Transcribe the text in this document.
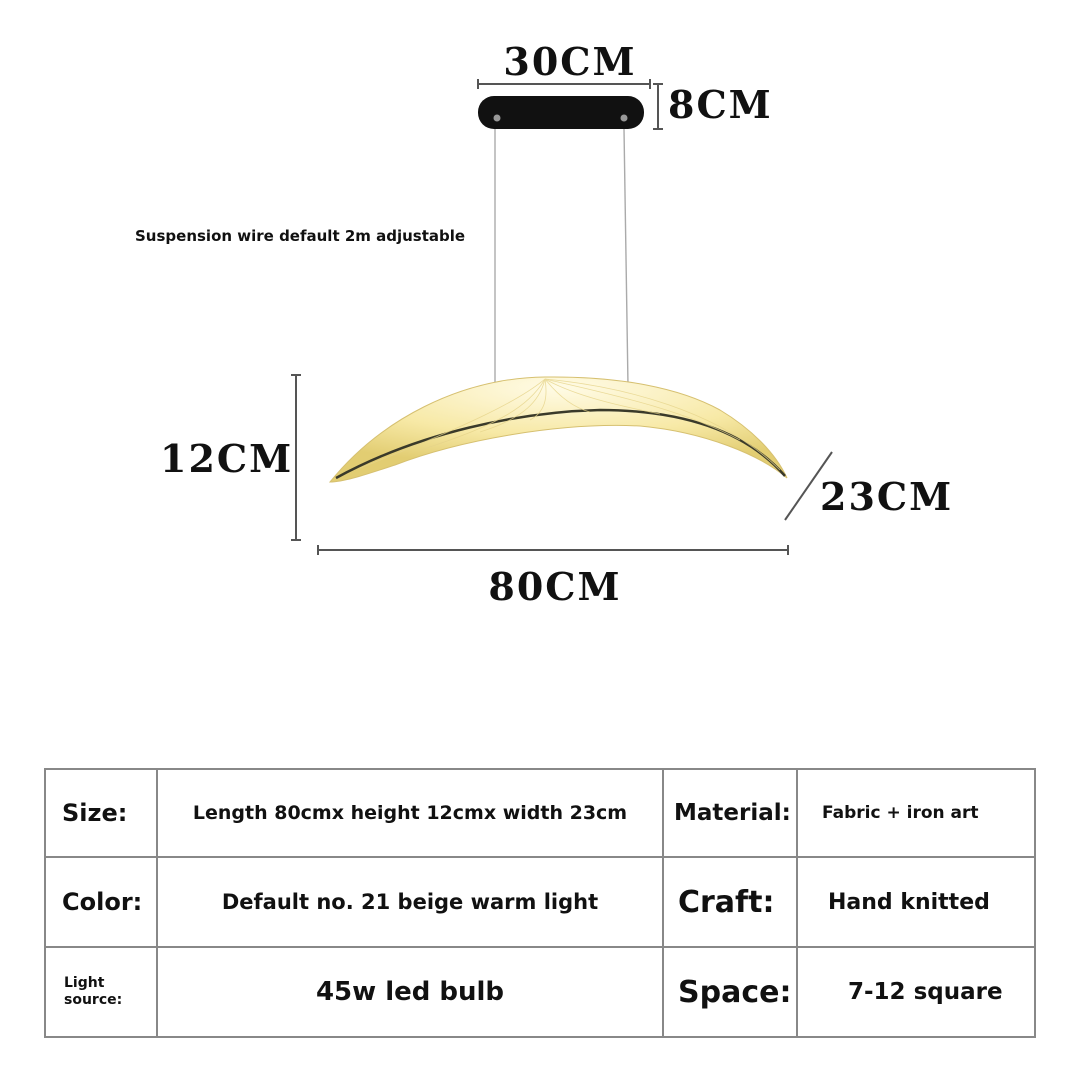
30CM
8CM
Suspension wire default 2m adjustable
12CM
23CM
80CM
Size:	Length 80cmx height 12cmx width 23cm	Material:	Fabric + iron art
Color:	Default no. 21 beige warm light	Craft:	Hand knitted
Light
source:	45w led bulb	Space:	7-12 square
